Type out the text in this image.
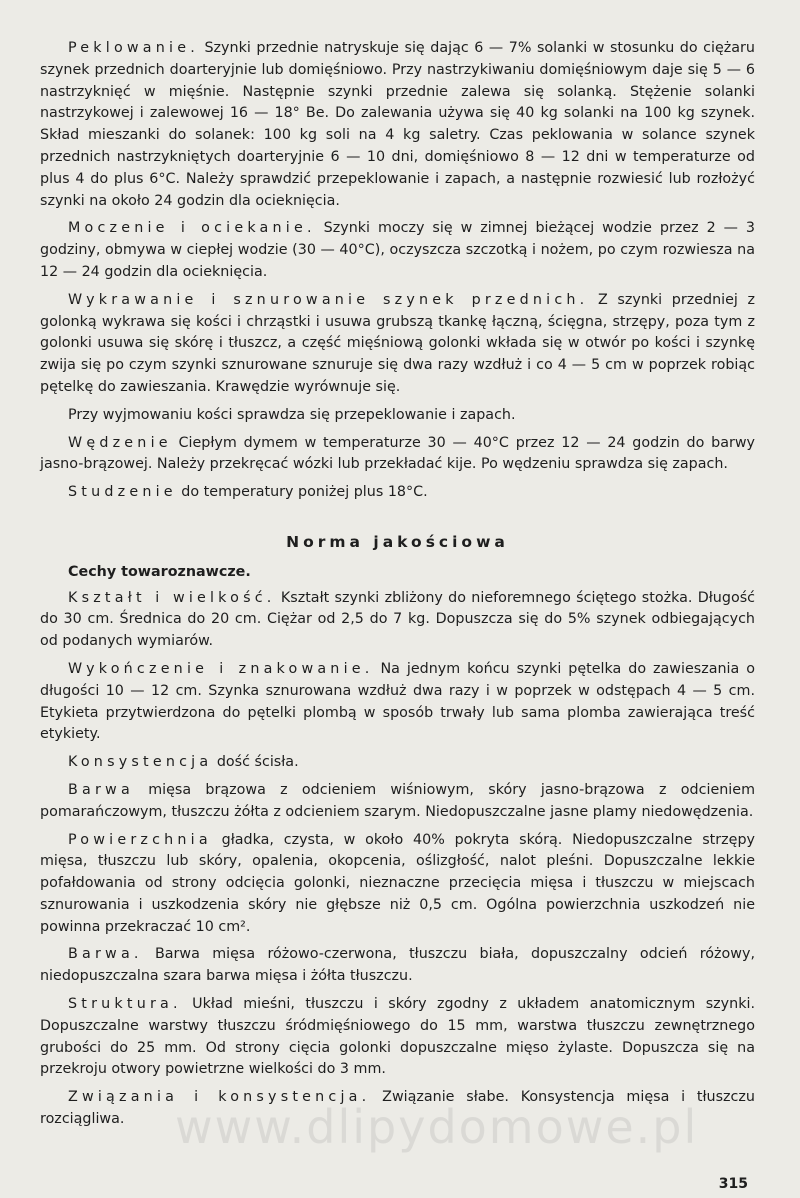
Peklowanie. Szynki przednie natryskuje się dając 6 — 7% solanki w stosunku do ciężaru szynek przednich doarteryjnie lub domięśniowo. Przy nastrzykiwaniu domięśniowym daje się 5 — 6 nastrzyknięć w mięśnie. Następnie szynki przednie zalewa się solanką. Stężenie solanki nastrzykowej i zalewowej 16 — 18° Be. Do zalewania używa się 40 kg solanki na 100 kg szynek. Skład mieszanki do solanek: 100 kg soli na 4 kg saletry. Czas peklowania w solance szynek przednich nastrzykniętych doarteryjnie 6 — 10 dni, domięśniowo 8 — 12 dni w temperaturze od plus 4 do plus 6°C. Należy sprawdzić przepeklowanie i zapach, a następnie rozwiesić lub rozłożyć szynki na około 24 godzin dla ocieknięcia.

Moczenie i ociekanie. Szynki moczy się w zimnej bieżącej wodzie przez 2 — 3 godziny, obmywa w ciepłej wodzie (30 — 40°C), oczyszcza szczotką i nożem, po czym rozwiesza na 12 — 24 godzin dla ocieknięcia.

Wykrawanie i sznurowanie szynek przednich. Z szynki przedniej z golonką wykrawa się kości i chrząstki i usuwa grubszą tkankę łączną, ścięgna, strzępy, poza tym z golonki usuwa się skórę i tłuszcz, a część mięśniową golonki wkłada się w otwór po kości i szynkę zwija się po czym szynki sznurowane sznuruje się dwa razy wzdłuż i co 4 — 5 cm w poprzek robiąc pętelkę do zawieszania. Krawędzie wyrównuje się.

Przy wyjmowaniu kości sprawdza się przepeklowanie i zapach.

Wędzenie Ciepłym dymem w temperaturze 30 — 40°C przez 12 — 24 godzin do barwy jasno-brązowej. Należy przekręcać wózki lub przekładać kije. Po wędzeniu sprawdza się zapach.

Studzenie do temperatury poniżej plus 18°C.

Norma jakościowa
Cechy towaroznawcze.

Kształt i wielkość. Kształt szynki zbliżony do nieforemnego ściętego stożka. Długość do 30 cm. Średnica do 20 cm. Ciężar od 2,5 do 7 kg. Dopuszcza się do 5% szynek odbiegających od podanych wymiarów.

Wykończenie i znakowanie. Na jednym końcu szynki pętelka do zawieszania o długości 10 — 12 cm. Szynka sznurowana wzdłuż dwa razy i w poprzek w odstępach 4 — 5 cm. Etykieta przytwierdzona do pętelki plombą w sposób trwały lub sama plomba zawierająca treść etykiety.

Konsystencja dość ścisła.

Barwa mięsa brązowa z odcieniem wiśniowym, skóry jasno-brązowa z odcieniem pomarańczowym, tłuszczu żółta z odcieniem szarym. Niedopuszczalne jasne plamy niedowędzenia.

Powierzchnia gładka, czysta, w około 40% pokryta skórą. Niedopuszczalne strzępy mięsa, tłuszczu lub skóry, opalenia, okopcenia, oślizgłość, nalot pleśni. Dopuszczalne lekkie pofałdowania od strony odcięcia golonki, nieznaczne przecięcia mięsa i tłuszczu w miejscach sznurowania i uszkodzenia skóry nie głębsze niż 0,5 cm. Ogólna powierzchnia uszkodzeń nie powinna przekraczać 10 cm².

Barwa. Barwa mięsa różowo-czerwona, tłuszczu biała, dopuszczalny odcień różowy, niedopuszczalna szara barwa mięsa i żółta tłuszczu.

Struktura. Układ mieśni, tłuszczu i skóry zgodny z układem anatomicznym szynki. Dopuszczalne warstwy tłuszczu śródmięśniowego do 15 mm, warstwa tłuszczu zewnętrznego grubości do 25 mm. Od strony cięcia golonki dopuszczalne mięso żylaste. Dopuszcza się na przekroju otwory powietrzne wielkości do 3 mm.

Związania i konsystencja. Związanie słabe. Konsystencja mięsa i tłuszczu rozciągliwa.	www.dlipydomowe.pl
315
